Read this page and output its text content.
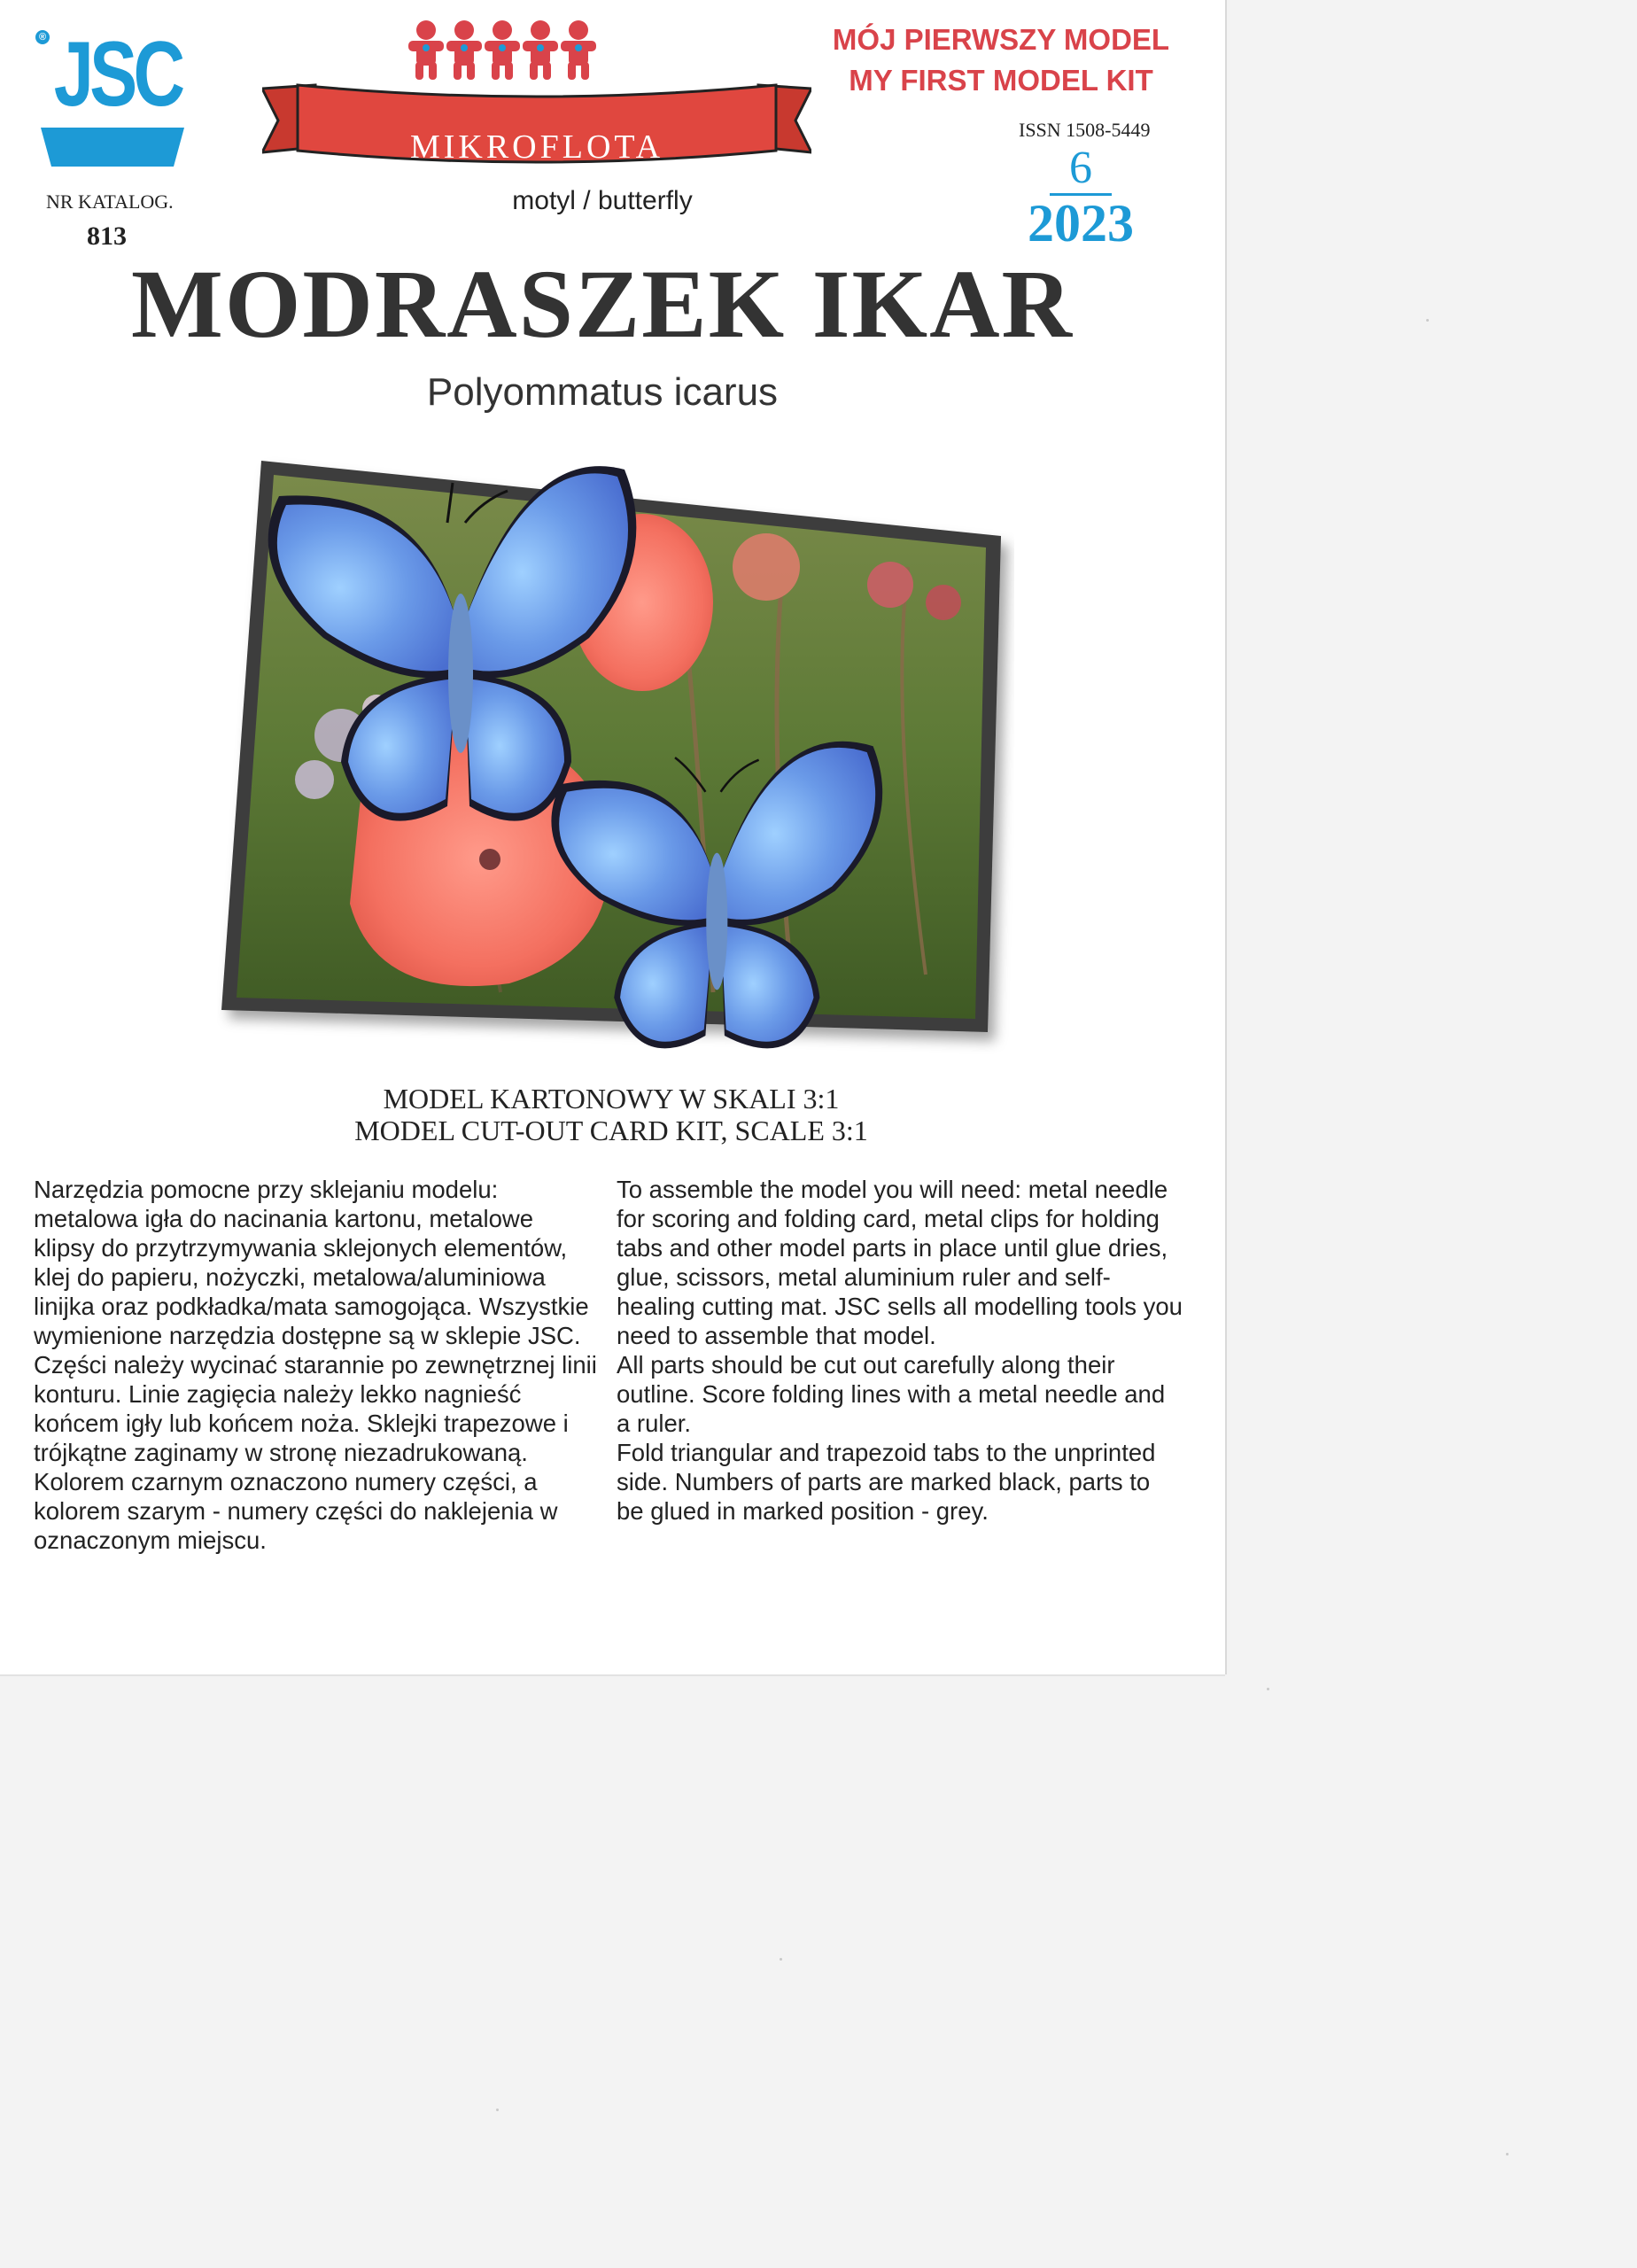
JSC
®
NR KATALOG.
813
MIKROFLOTA
motyl / butterfly
MÓJ PIERWSZY MODEL
MY FIRST MODEL KIT
ISSN 1508-5449
6
2023
MODRASZEK IKAR
Polyommatus icarus
MODEL KARTONOWY W SKALI 3:1
MODEL CUT-OUT CARD KIT, SCALE 3:1

Narzędzia pomocne przy sklejaniu modelu: metalowa igła do nacinania kartonu, metalowe klipsy do przytrzymywania sklejonych elementów, klej do papieru, nożyczki, metalowa/aluminiowa linijka oraz podkładka/mata samogojąca. Wszystkie wymienione narzędzia dostępne są w sklepie JSC.

Części należy wycinać starannie po zewnętrznej linii konturu. Linie zagięcia należy lekko nagnieść końcem igły lub końcem noża. Sklejki trapezowe i trójkątne zaginamy w stronę niezadrukowaną. Kolorem czarnym oznaczono numery części, a kolorem szarym - numery części do naklejenia w oznaczonym miejscu.

To assemble the model you will need: metal needle for scoring and folding card, metal clips for holding tabs and other model parts in place until glue dries, glue, scissors, metal aluminium ruler and self-healing cutting mat. JSC sells all modelling tools you need to assemble that model.

All parts should be cut out carefully along their outline. Score folding lines with a metal needle and a ruler.

Fold triangular and trapezoid tabs to the unprinted side. Numbers of parts are marked black, parts to be glued in marked position - grey.
